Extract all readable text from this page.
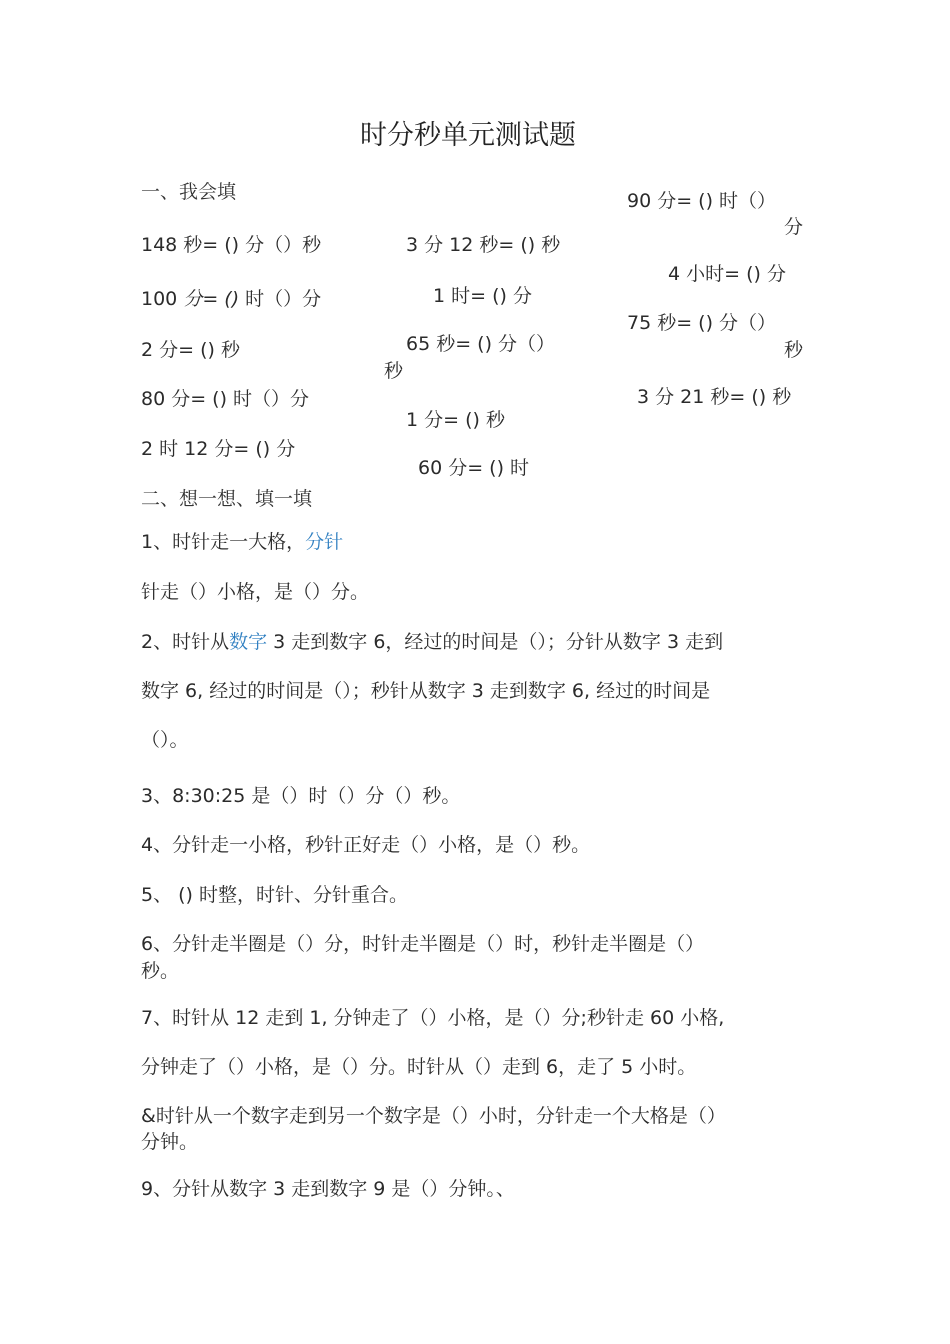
时分秒单元测试题
一、我会填
148 秒= () 分（）秒
100 分= () 时（）分
2 分= () 秒
80 分= () 时（）分
2 时 12 分= () 分
3 分 12 秒= () 秒
1 时= () 分
65 秒= () 分（）
秒
1 分= () 秒
60 分= () 时
90 分= () 时（）
分
4 小时= () 分
75 秒= () 分（）
秒
3 分 21 秒= () 秒
二、想一想、填一填
1、时针走一大格，分针
针走（）小格，是（）分。
2、时针从数字 3 走到数字 6，经过的时间是（）；分针从数字 3 走到
数字 6, 经过的时间是（）；秒针从数字 3 走到数字 6, 经过的时间是
（）。
3、8:30:25 是（）时（）分（）秒。
4、分针走一小格，秒针正好走（）小格，是（）秒。
5、 () 时整，时针、分针重合。
6、分针走半圈是（）分，时针走半圈是（）时，秒针走半圈是（）
秒。
7、时针从 12 走到 1, 分钟走了（）小格，是（）分;秒针走 60 小格,
分钟走了（）小格，是（）分。时针从（）走到 6，走了 5 小时。
&时针从一个数字走到另一个数字是（）小时，分针走一个大格是（）
分钟。
9、分针从数字 3 走到数字 9 是（）分钟。、
